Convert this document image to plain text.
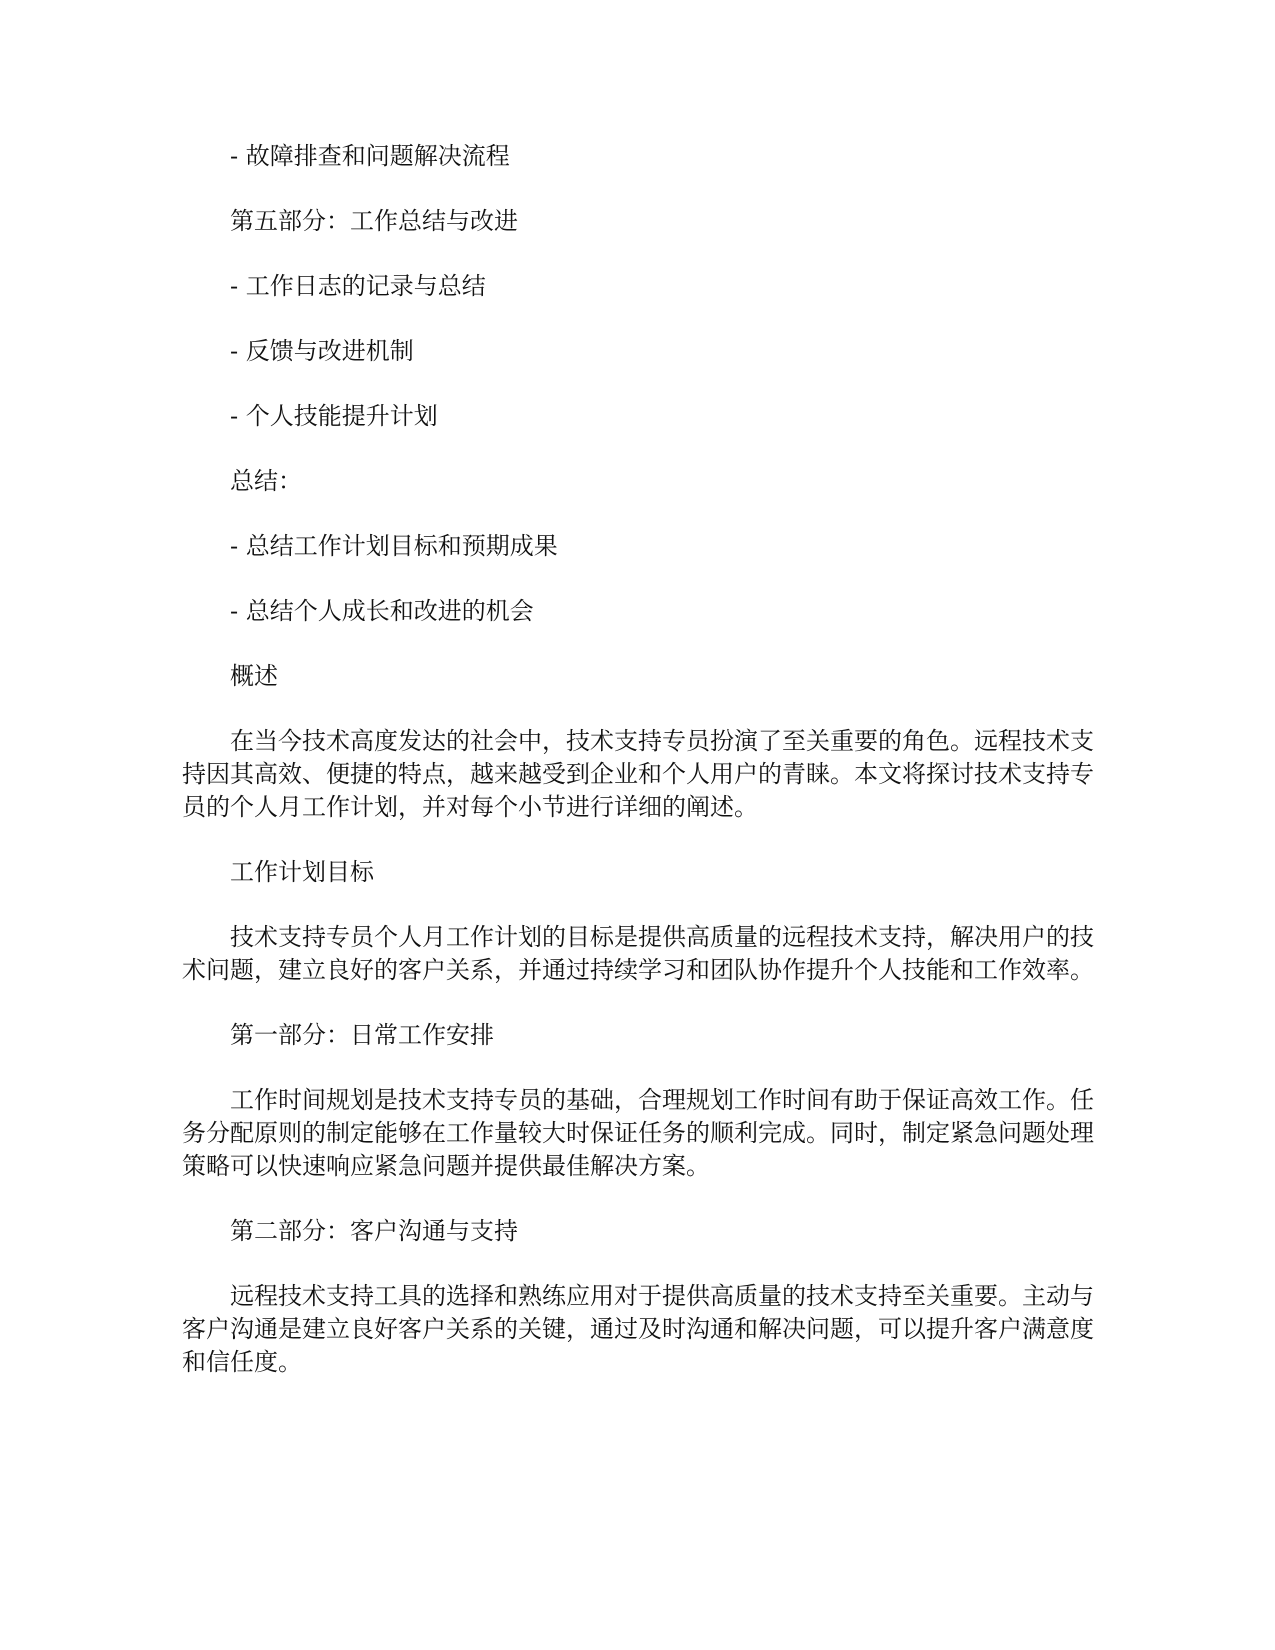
- 故障排查和问题解决流程

第五部分：工作总结与改进

- 工作日志的记录与总结

- 反馈与改进机制

- 个人技能提升计划

总结：

- 总结工作计划目标和预期成果

- 总结个人成长和改进的机会

概述

在当今技术高度发达的社会中，技术支持专员扮演了至关重要的角色。远程技术支持因其高效、便捷的特点，越来越受到企业和个人用户的青睐。本文将探讨技术支持专员的个人月工作计划，并对每个小节进行详细的阐述。

工作计划目标

技术支持专员个人月工作计划的目标是提供高质量的远程技术支持，解决用户的技术问题，建立良好的客户关系，并通过持续学习和团队协作提升个人技能和工作效率。

第一部分：日常工作安排

工作时间规划是技术支持专员的基础，合理规划工作时间有助于保证高效工作。任务分配原则的制定能够在工作量较大时保证任务的顺利完成。同时，制定紧急问题处理策略可以快速响应紧急问题并提供最佳解决方案。

第二部分：客户沟通与支持

远程技术支持工具的选择和熟练应用对于提供高质量的技术支持至关重要。主动与客户沟通是建立良好客户关系的关键，通过及时沟通和解决问题，可以提升客户满意度和信任度。
